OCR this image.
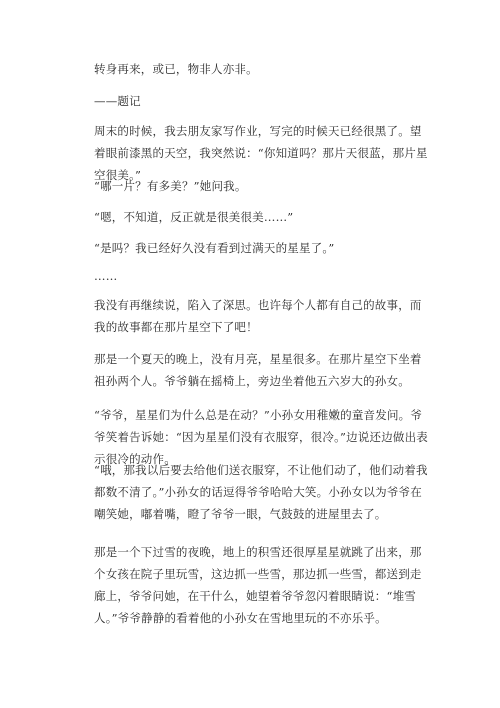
转身再来，或已，物非人亦非。

——题记

周末的时候，我去朋友家写作业，写完的时候天已经很黑了。望着眼前漆黑的天空，我突然说：“你知道吗？那片天很蓝，那片星空很美。”

“哪一片？有多美？”她问我。

“嗯，不知道，反正就是很美很美……”

“是吗？我已经好久没有看到过满天的星星了。”

……

我没有再继续说，陷入了深思。也许每个人都有自己的故事，而我的故事都在那片星空下了吧！

那是一个夏天的晚上，没有月亮，星星很多。在那片星空下坐着祖孙两个人。爷爷躺在摇椅上，旁边坐着他五六岁大的孙女。

“爷爷，星星们为什么总是在动？”小孙女用稚嫩的童音发问。爷爷笑着告诉她：“因为星星们没有衣服穿，很冷。”边说还边做出表示很冷的动作。

“哦，那我以后要去给他们送衣服穿，不让他们动了，他们动着我都数不清了。”小孙女的话逗得爷爷哈哈大笑。小孙女以为爷爷在嘲笑她，嘟着嘴，瞪了爷爷一眼，气鼓鼓的进屋里去了。

那是一个下过雪的夜晚，地上的积雪还很厚星星就跳了出来，那个女孩在院子里玩雪，这边抓一些雪，那边抓一些雪，都送到走廊上，爷爷问她，在干什么，她望着爷爷忽闪着眼睛说：“堆雪人。”爷爷静静的看着他的小孙女在雪地里玩的不亦乐乎。
